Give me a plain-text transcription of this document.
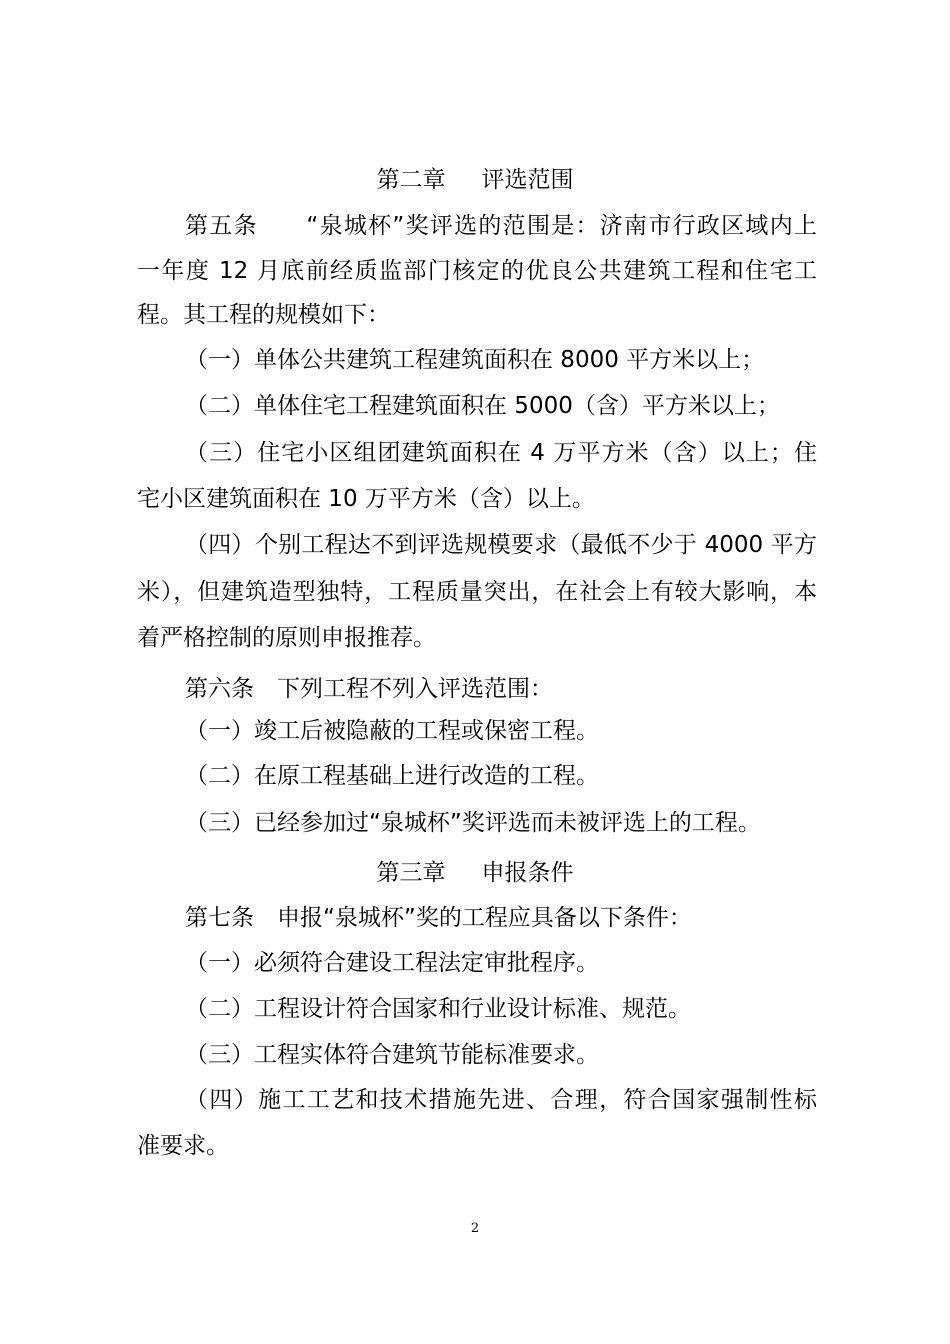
第二章 评选范围
第五条　　“泉城杯”奖评选的范围是：济南市行政区域内上
一年度 12 月底前经质监部门核定的优良公共建筑工程和住宅工
程。其工程的规模如下：
（一）单体公共建筑工程建筑面积在 8000 平方米以上；
（二）单体住宅工程建筑面积在 5000（含）平方米以上；
（三）住宅小区组团建筑面积在 4 万平方米（含）以上；住
宅小区建筑面积在 10 万平方米（含）以上。
（四）个别工程达不到评选规模要求（最低不少于 4000 平方
米），但建筑造型独特，工程质量突出，在社会上有较大影响，本
着严格控制的原则申报推荐。
第六条　下列工程不列入评选范围：
（一）竣工后被隐蔽的工程或保密工程。
（二）在原工程基础上进行改造的工程。
（三）已经参加过“泉城杯”奖评选而未被评选上的工程。
第三章 申报条件
第七条　申报“泉城杯”奖的工程应具备以下条件：
（一）必须符合建设工程法定审批程序。
（二）工程设计符合国家和行业设计标准、规范。
（三）工程实体符合建筑节能标准要求。
（四）施工工艺和技术措施先进、合理，符合国家强制性标
准要求。
2
